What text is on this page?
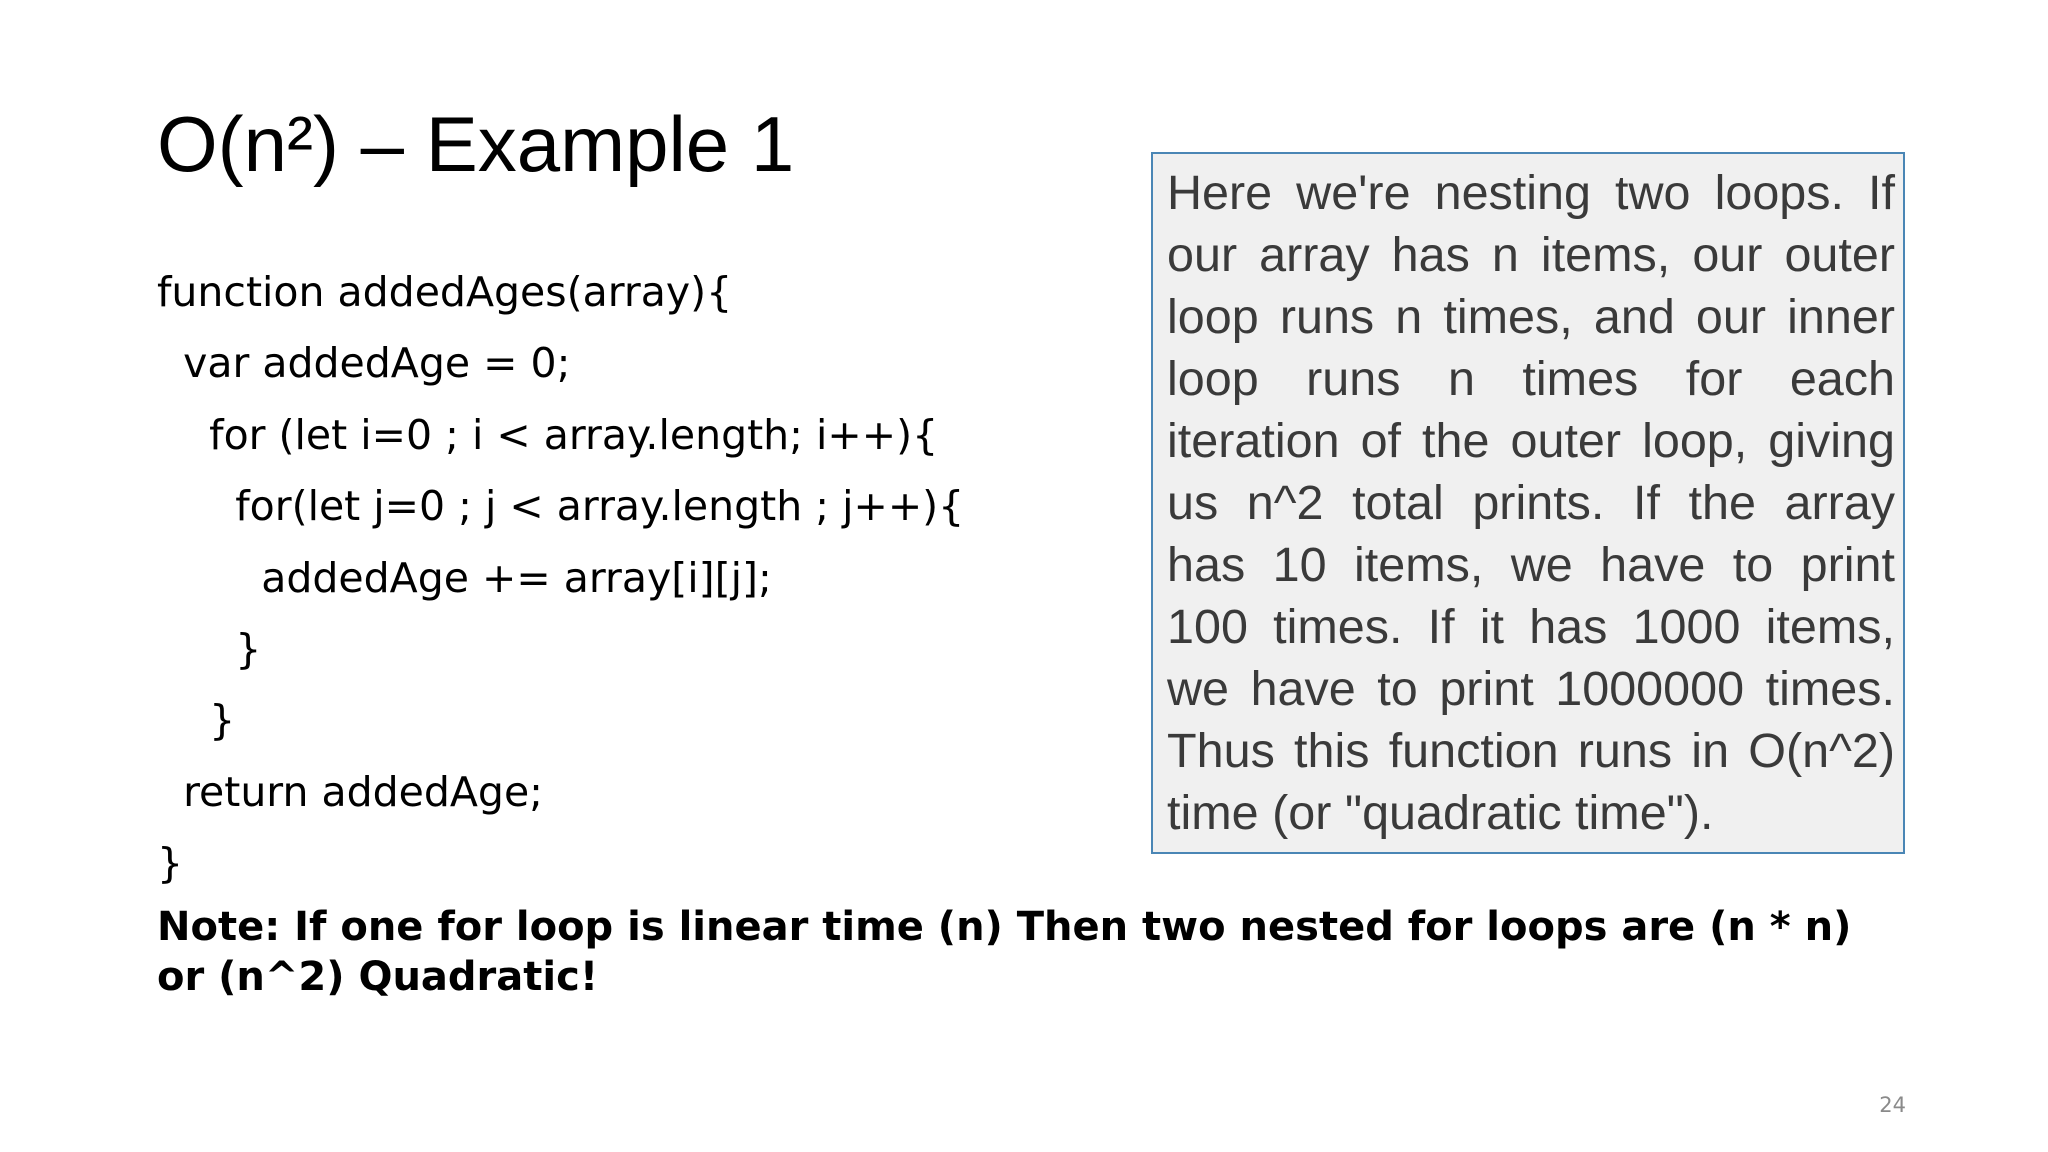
O(n²) – Example 1
function addedAges(array){
var addedAge = 0;
for (let i=0 ; i < array.length; i++){
for(let j=0 ; j < array.length ; j++){
addedAge += array[i][j];
}
}
return addedAge;
}

Here we're nesting two loops. If our array has n items, our outer loop runs n times, and our inner loop runs n times for each iteration of the outer loop, giving us n^2 total prints. If the array has 10 items, we have to print 100 times. If it has 1000 items, we have to print 1000000 times. Thus this function runs in O(n^2) time (or "quadratic time").

Note: If one for loop is linear time (n) Then two nested for loops are (n * n) or (n^2) Quadratic!

24
